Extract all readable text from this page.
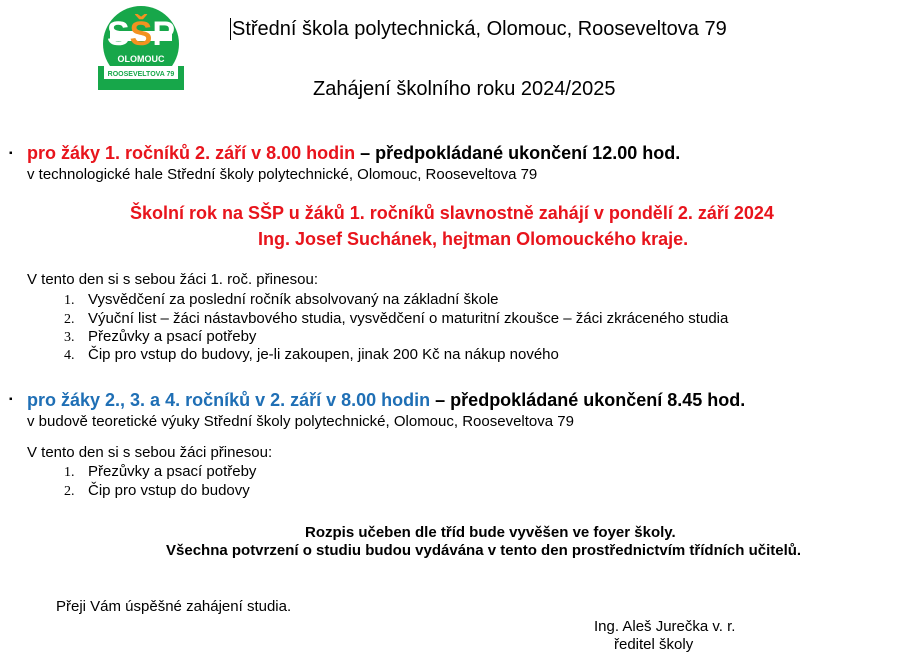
SŠP
OLOMOUC
ROOSEVELTOVA 79
Střední škola polytechnická, Olomouc, Rooseveltova 79
Zahájení školního roku 2024/2025
▪ pro žáky 1. ročníků 2. září v 8.00 hodin – předpokládané ukončení 12.00 hod.
v technologické hale Střední školy polytechnické, Olomouc, Rooseveltova 79
Školní rok na SŠP u žáků 1. ročníků slavnostně zahájí v pondělí 2. září 2024
Ing. Josef Suchánek, hejtman Olomouckého kraje.
V tento den si s sebou žáci 1. roč. přinesou:
1. Vysvědčení za poslední ročník absolvovaný na základní škole
2. Výuční list – žáci nástavbového studia, vysvědčení o maturitní zkoušce – žáci zkráceného studia
3. Přezůvky a psací potřeby
4. Čip pro vstup do budovy, je-li zakoupen, jinak 200 Kč na nákup nového
▪ pro žáky 2., 3. a 4. ročníků v 2. září v 8.00 hodin – předpokládané ukončení 8.45 hod.
v budově teoretické výuky Střední školy polytechnické, Olomouc, Rooseveltova 79
V tento den si s sebou žáci přinesou:
1. Přezůvky a psací potřeby
2. Čip pro vstup do budovy
Rozpis učeben dle tříd bude vyvěšen ve foyer školy.
Všechna potvrzení o studiu budou vydávána v tento den prostřednictvím třídních učitelů.
Přeji Vám úspěšné zahájení studia.
Ing. Aleš Jurečka v. r.
ředitel školy
